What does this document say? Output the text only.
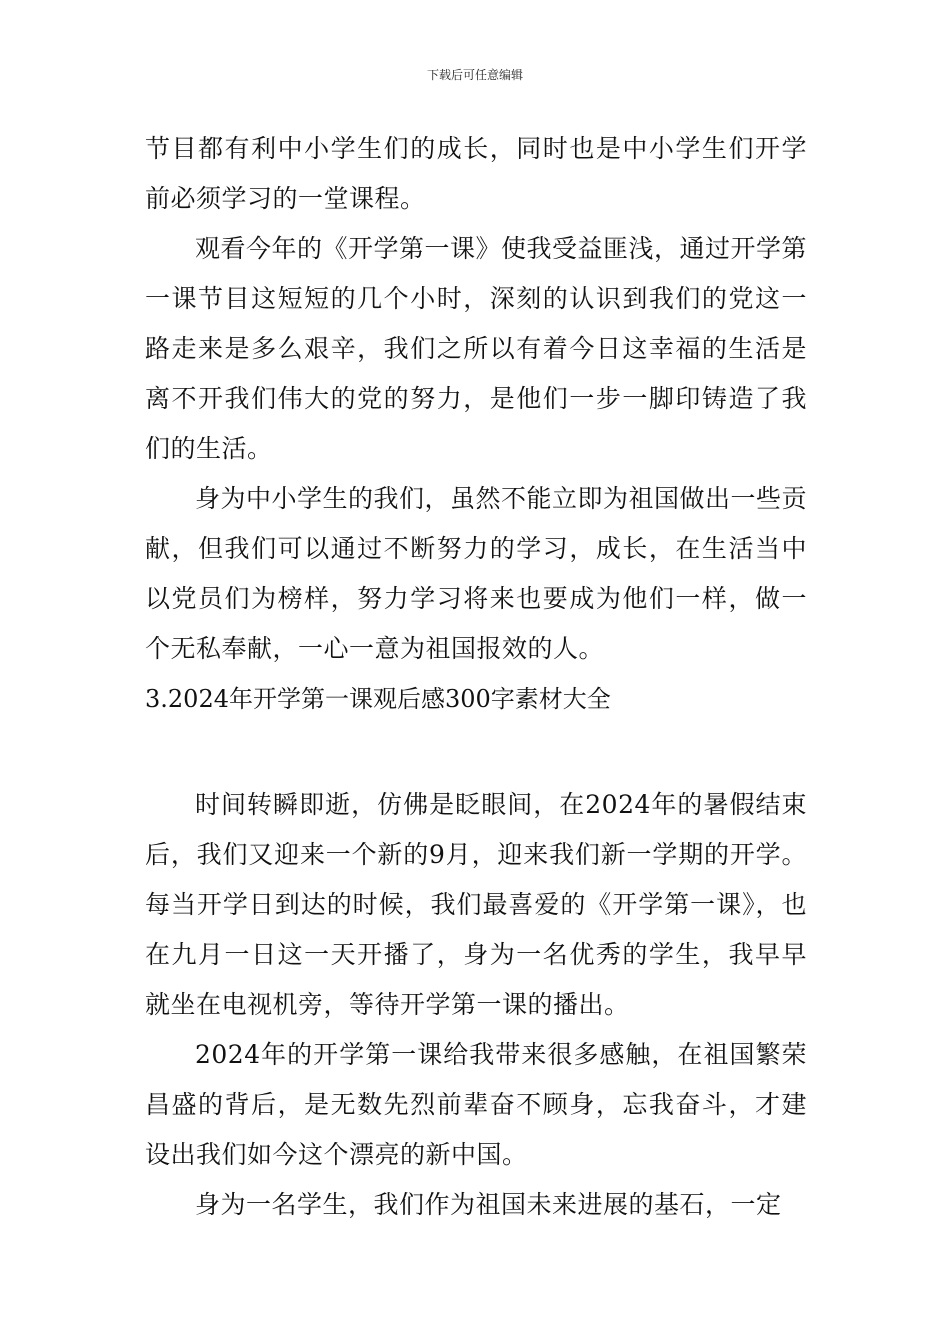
下载后可任意编辑

节目都有利中小学生们的成长，同时也是中小学生们开学前必须学习的一堂课程。

观看今年的《开学第一课》使我受益匪浅，通过开学第一课节目这短短的几个小时，深刻的认识到我们的党这一路走来是多么艰辛，我们之所以有着今日这幸福的生活是离不开我们伟大的党的努力，是他们一步一脚印铸造了我们的生活。

身为中小学生的我们，虽然不能立即为祖国做出一些贡献，但我们可以通过不断努力的学习，成长，在生活当中以党员们为榜样，努力学习将来也要成为他们一样，做一个无私奉献，一心一意为祖国报效的人。

3.2024年开学第一课观后感300字素材大全

时间转瞬即逝，仿佛是眨眼间，在2024年的暑假结束后，我们又迎来一个新的9月，迎来我们新一学期的开学。每当开学日到达的时候，我们最喜爱的《开学第一课》，也在九月一日这一天开播了，身为一名优秀的学生，我早早就坐在电视机旁，等待开学第一课的播出。

2024年的开学第一课给我带来很多感触，在祖国繁荣昌盛的背后，是无数先烈前辈奋不顾身，忘我奋斗，才建设出我们如今这个漂亮的新中国。

身为一名学生，我们作为祖国未来进展的基石，一定
